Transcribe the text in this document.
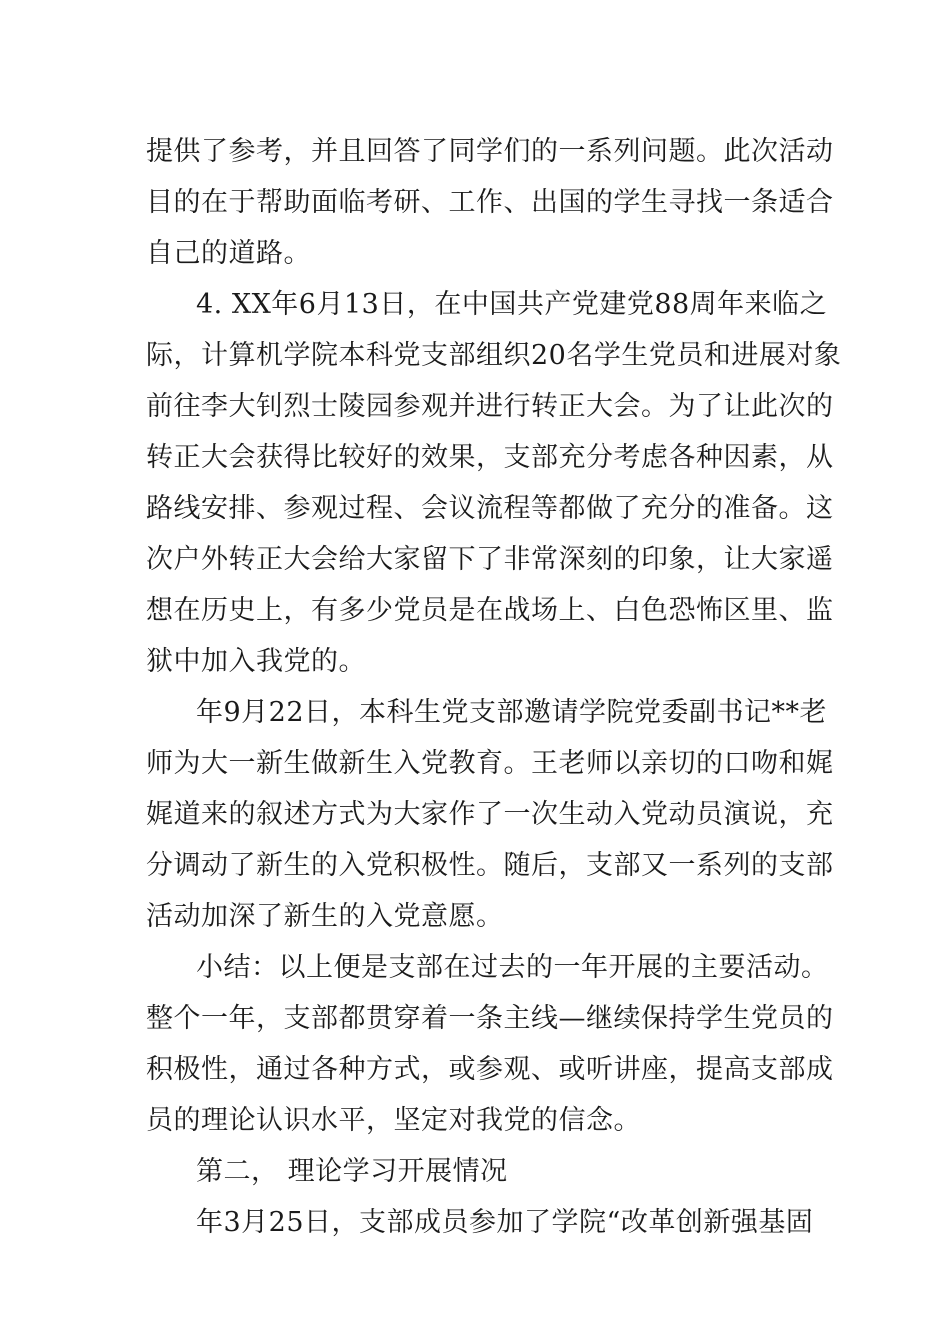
提供了参考，并且回答了同学们的一系列问题。此次活动
目的在于帮助面临考研、工作、出国的学生寻找一条适合
自己的道路。
4. XX年6月13日，在中国共产党建党88周年来临之
际，计算机学院本科党支部组织20名学生党员和进展对象
前往李大钊烈士陵园参观并进行转正大会。为了让此次的
转正大会获得比较好的效果，支部充分考虑各种因素，从
路线安排、参观过程、会议流程等都做了充分的准备。这
次户外转正大会给大家留下了非常深刻的印象，让大家遥
想在历史上，有多少党员是在战场上、白色恐怖区里、监
狱中加入我党的。
年9月22日，本科生党支部邀请学院党委副书记**老
师为大一新生做新生入党教育。王老师以亲切的口吻和娓
娓道来的叙述方式为大家作了一次生动入党动员演说，充
分调动了新生的入党积极性。随后，支部又一系列的支部
活动加深了新生的入党意愿。
小结：以上便是支部在过去的一年开展的主要活动。
整个一年，支部都贯穿着一条主线—继续保持学生党员的
积极性，通过各种方式，或参观、或听讲座，提高支部成
员的理论认识水平，坚定对我党的信念。
第二， 理论学习开展情况
年3月25日，支部成员参加了学院“改革创新强基固
